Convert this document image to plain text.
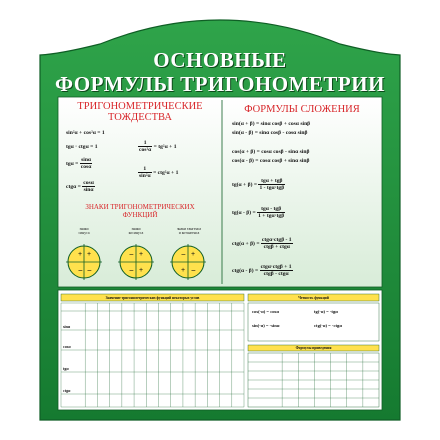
+ +
− −
− +
− +
− +
+ −
ОСНОВНЫЕ
ФОРМУЛЫ ТРИГОНОМЕТРИИ
ТРИГОНОМЕТРИЧЕСКИЕ
ТОЖДЕСТВА
sin²α + cos²α = 1
tgα · ctgα = 1	$\frac{1}{\text{cos²α}} = tg^2\alpha + 1$
$tg\alpha = \frac{\sin\alpha}{\cos\alpha}$
$\frac{1}{\text{sin²α}} = ctg^2\alpha + 1$
$ctg\alpha = \frac{\cos\alpha}{\sin\alpha}$
ЗНАКИ ТРИГОНОМЕТРИЧЕСКИХ
ФУНКЦИЙ
знаки
синуса
знаки
косинуса
знаки тангенса
и котангенса
ФОРМУЛЫ СЛОЖЕНИЯ
sin(α + β) = sinα cosβ + cosα sinβ
sin(α - β) = sinα cosβ - cosα sinβ
cos(α + β) = cosα cosβ - sinα sinβ
cos(α - β) = cosα cosβ + sinα sinβ
$tg(\alpha + \beta) = \frac{\text{tgα + tgβ}}{\text{1 - tgα·tgβ}}$
$tg(\alpha - \beta) = \frac{\text{tgα - tgβ}}{\text{1 + tgα·tgβ}}$
$ctg(\alpha + \beta) = \frac{\text{ctgα·ctgβ - 1}}{\text{ctgβ + ctgα}}$
$ctg(\alpha - \beta) = \frac{\text{ctgα·ctgβ + 1}}{\text{ctgβ - ctgα}}$
Значение тригонометрических функций некоторых углов	Четность функций
cos(-α) = cosα	tg(-α) = -tgα
sin(-α) = -sinα	ctg(-α) = -ctgα
Формулы приведения
sinα
cosα
tgα
ctgα
